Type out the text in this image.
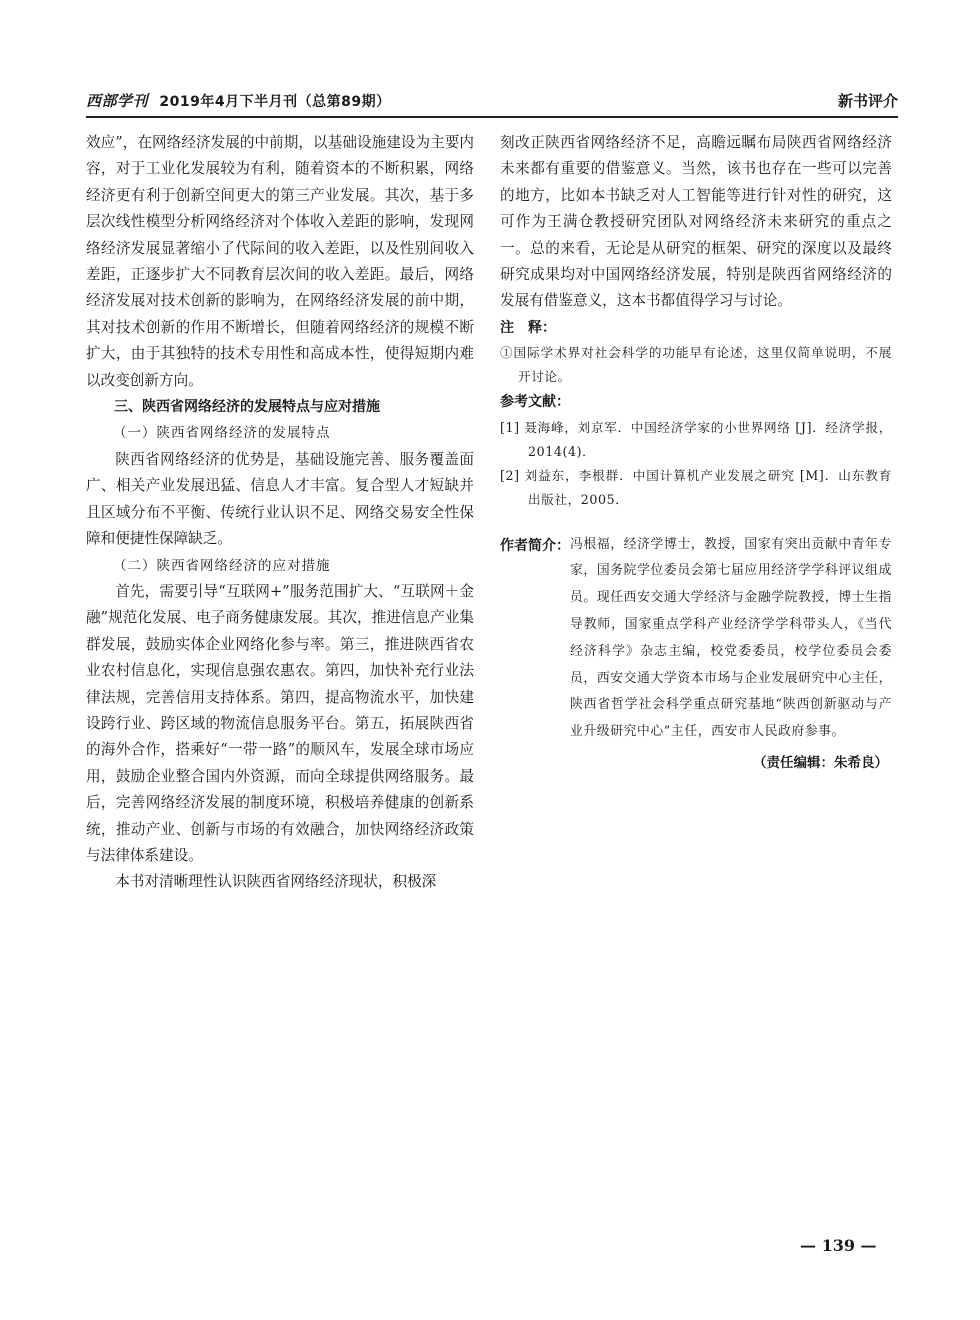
西部学刊 2019年4月下半月刊（总第89期）	新书评介

效应”，在网络经济发展的中前期，以基础设施建设为主要内容，对于工业化发展较为有利，随着资本的不断积累，网络经济更有利于创新空间更大的第三产业发展。其次，基于多层次线性模型分析网络经济对个体收入差距的影响，发现网络经济发展显著缩小了代际间的收入差距，以及性别间收入差距，正逐步扩大不同教育层次间的收入差距。最后，网络经济发展对技术创新的影响为，在网络经济发展的前中期，其对技术创新的作用不断增长，但随着网络经济的规模不断扩大，由于其独特的技术专用性和高成本性，使得短期内难以改变创新方向。

三、陕西省网络经济的发展特点与应对措施

（一）陕西省网络经济的发展特点

陕西省网络经济的优势是，基础设施完善、服务覆盖面广、相关产业发展迅猛、信息人才丰富。复合型人才短缺并且区域分布不平衡、传统行业认识不足、网络交易安全性保障和便捷性保障缺乏。

（二）陕西省网络经济的应对措施

首先，需要引导“互联网+”服务范围扩大、“互联网＋金融”规范化发展、电子商务健康发展。其次，推进信息产业集群发展，鼓励实体企业网络化参与率。第三，推进陕西省农业农村信息化，实现信息强农惠农。第四，加快补充行业法律法规，完善信用支持体系。第四，提高物流水平，加快建设跨行业、跨区域的物流信息服务平台。第五，拓展陕西省的海外合作，搭乘好“一带一路”的顺风车，发展全球市场应用，鼓励企业整合国内外资源，而向全球提供网络服务。最后，完善网络经济发展的制度环境，积极培养健康的创新系统，推动产业、创新与市场的有效融合，加快网络经济政策与法律体系建设。

本书对清晰理性认识陕西省网络经济现状，积极深

刻改正陕西省网络经济不足，高瞻远瞩布局陕西省网络经济未来都有重要的借鉴意义。当然，该书也存在一些可以完善的地方，比如本书缺乏对人工智能等进行针对性的研究，这可作为王满仓教授研究团队对网络经济未来研究的重点之一。总的来看，无论是从研究的框架、研究的深度以及最终研究成果均对中国网络经济发展，特别是陕西省网络经济的发展有借鉴意义，这本书都值得学习与讨论。

注　释：

①国际学术界对社会科学的功能早有论述，这里仅简单说明，不展开讨论。

参考文献：

[1] 聂海峰，刘京军．中国经济学家的小世界网络 [J]．经济学报，2014(4)．

[2] 刘益东，李根群．中国计算机产业发展之研究 [M]．山东教育出版社，2005．

作者简介： 冯根福，经济学博士，教授，国家有突出贡献中青年专家，国务院学位委员会第七届应用经济学学科评议组成员。现任西安交通大学经济与金融学院教授，博士生指导教师，国家重点学科产业经济学学科带头人，《当代经济科学》杂志主编，校党委委员，校学位委员会委员，西安交通大学资本市场与企业发展研究中心主任，陕西省哲学社会科学重点研究基地“陕西创新驱动与产业升级研究中心”主任，西安市人民政府参事。
（责任编辑：朱希良）
— 139 —
